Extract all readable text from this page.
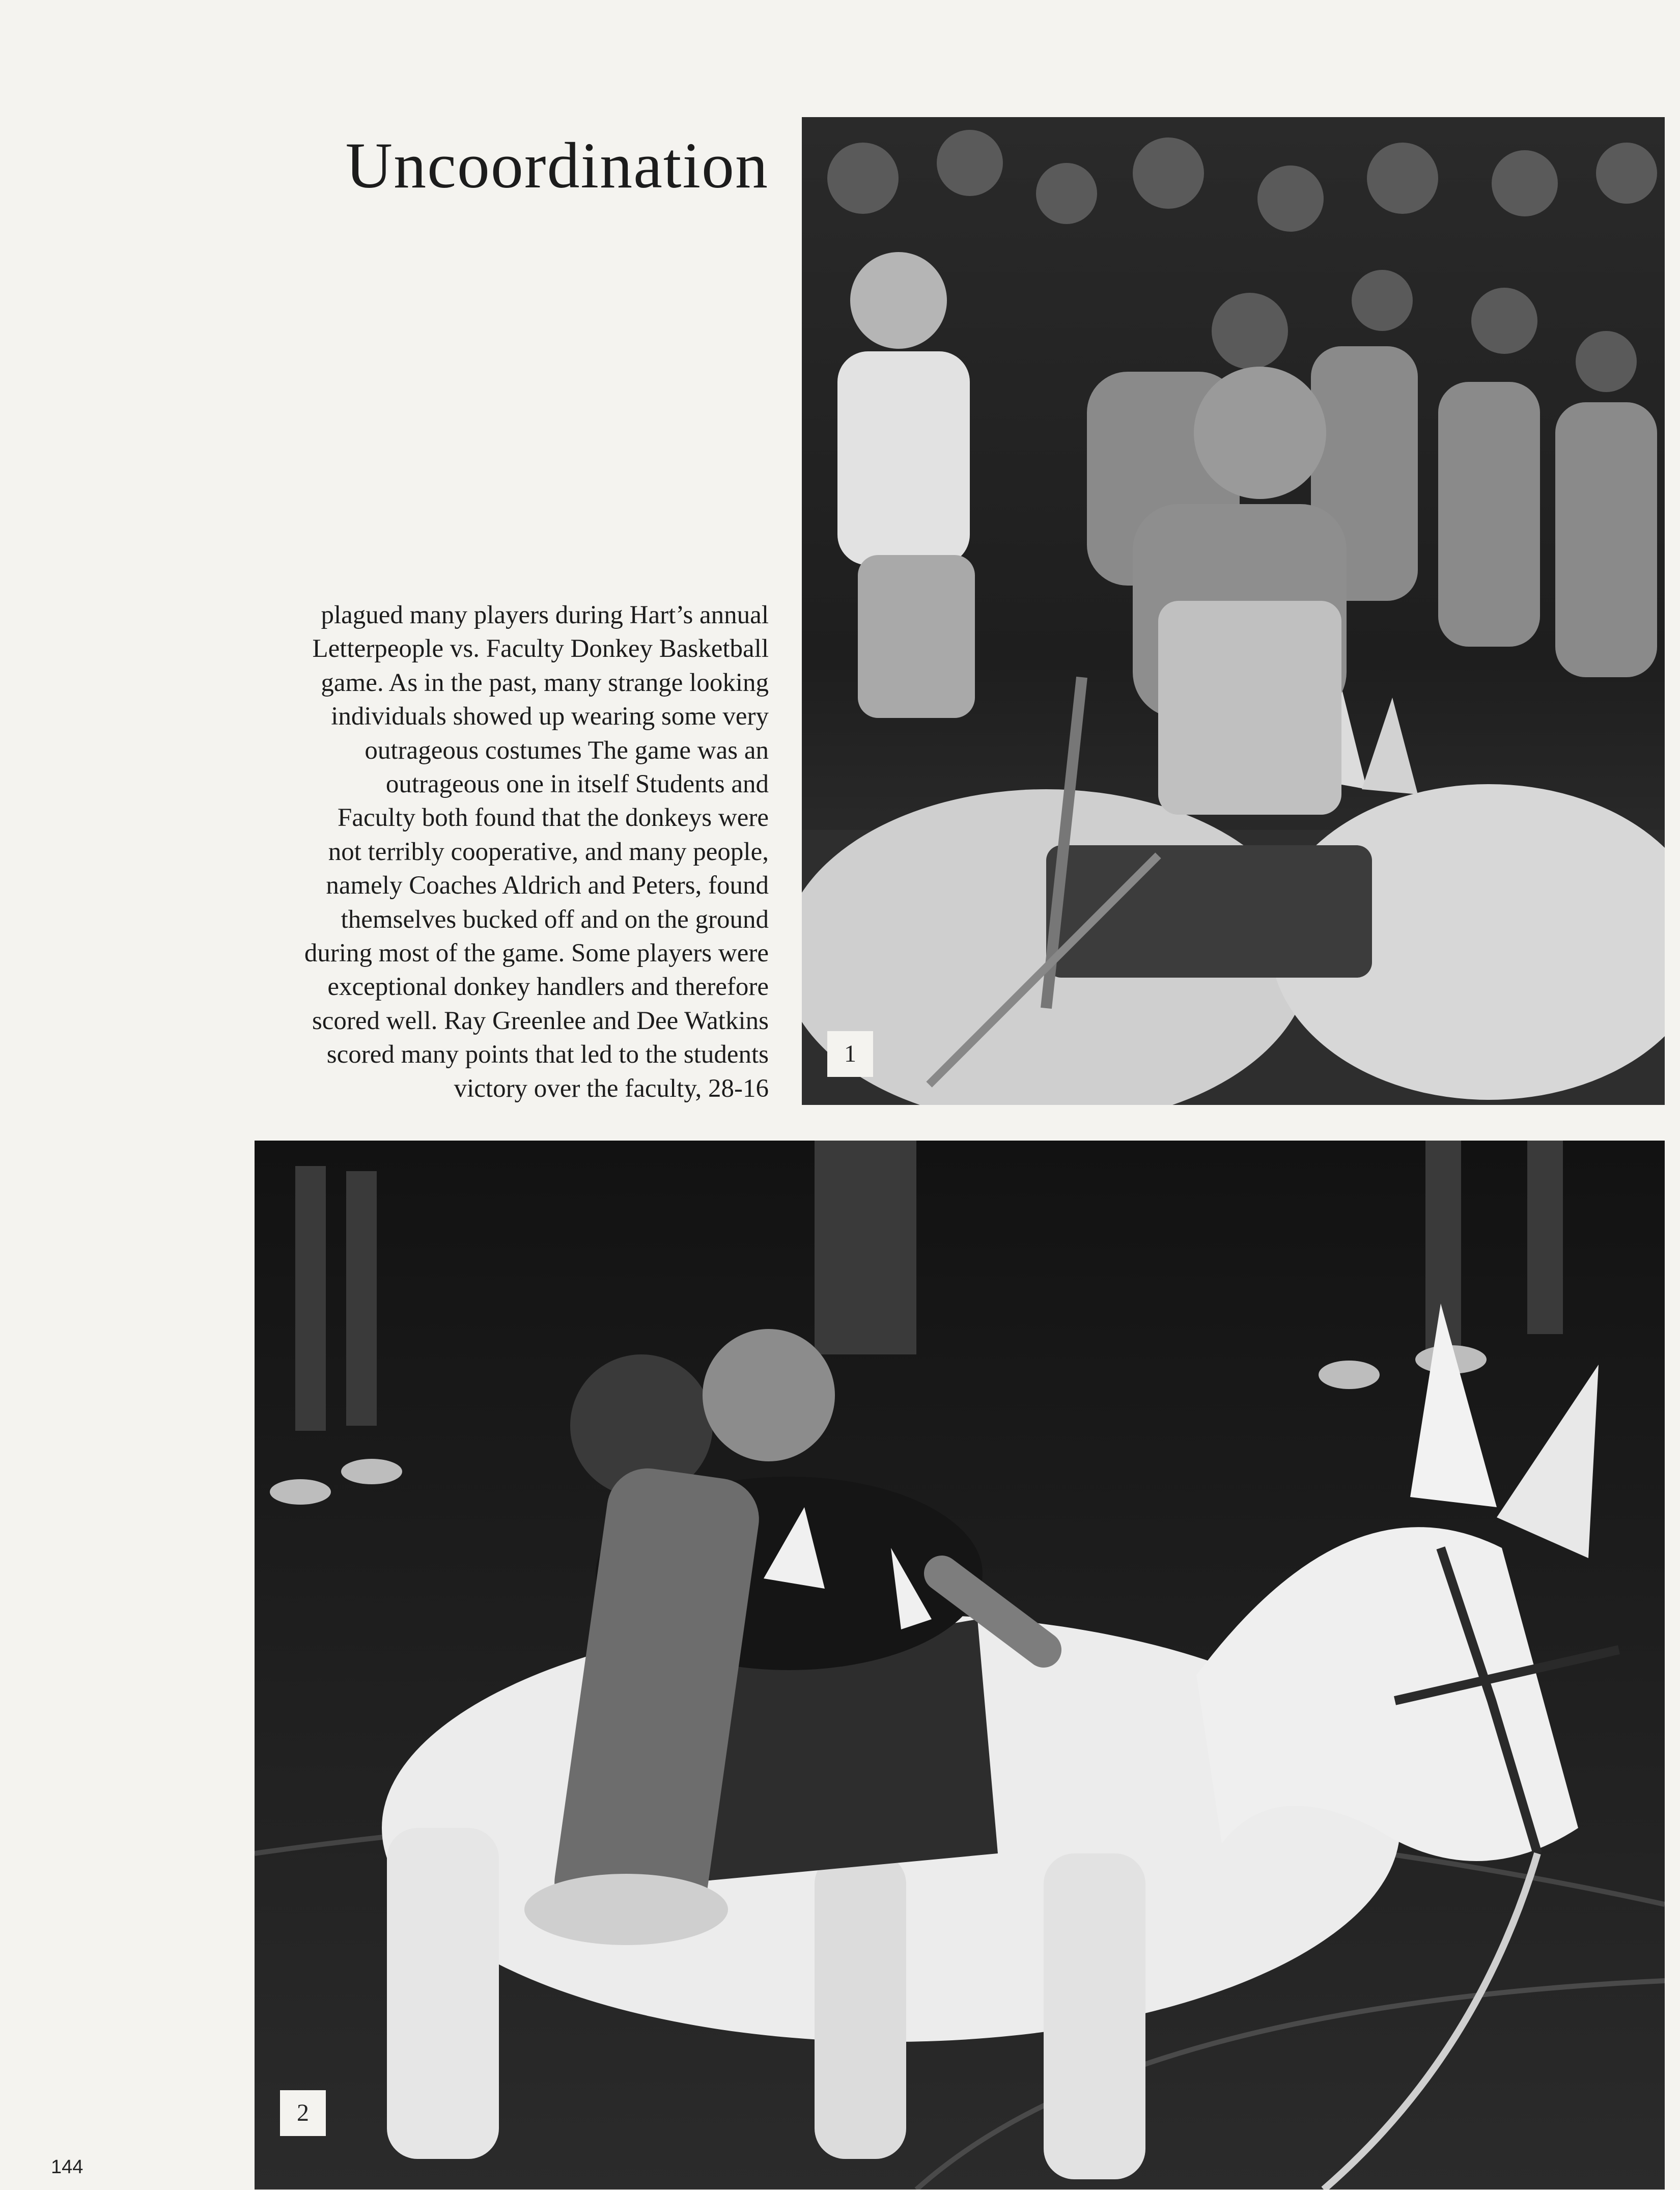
Uncoordination

plagued many players during Hart’s annual
Letterpeople vs. Faculty Donkey Basketball
game. As in the past, many strange looking
individuals showed up wearing some very
outrageous costumes The game was an
outrageous one in itself Students and
Faculty both found that the donkeys were
not terribly cooperative, and many people,
namely Coaches Aldrich and Peters, found
themselves bucked off and on the ground
during most of the game. Some players were
exceptional donkey handlers and therefore
scored well. Ray Greenlee and Dee Watkins
scored many points that led to the students
victory over the faculty, 28-16

1
2
144
